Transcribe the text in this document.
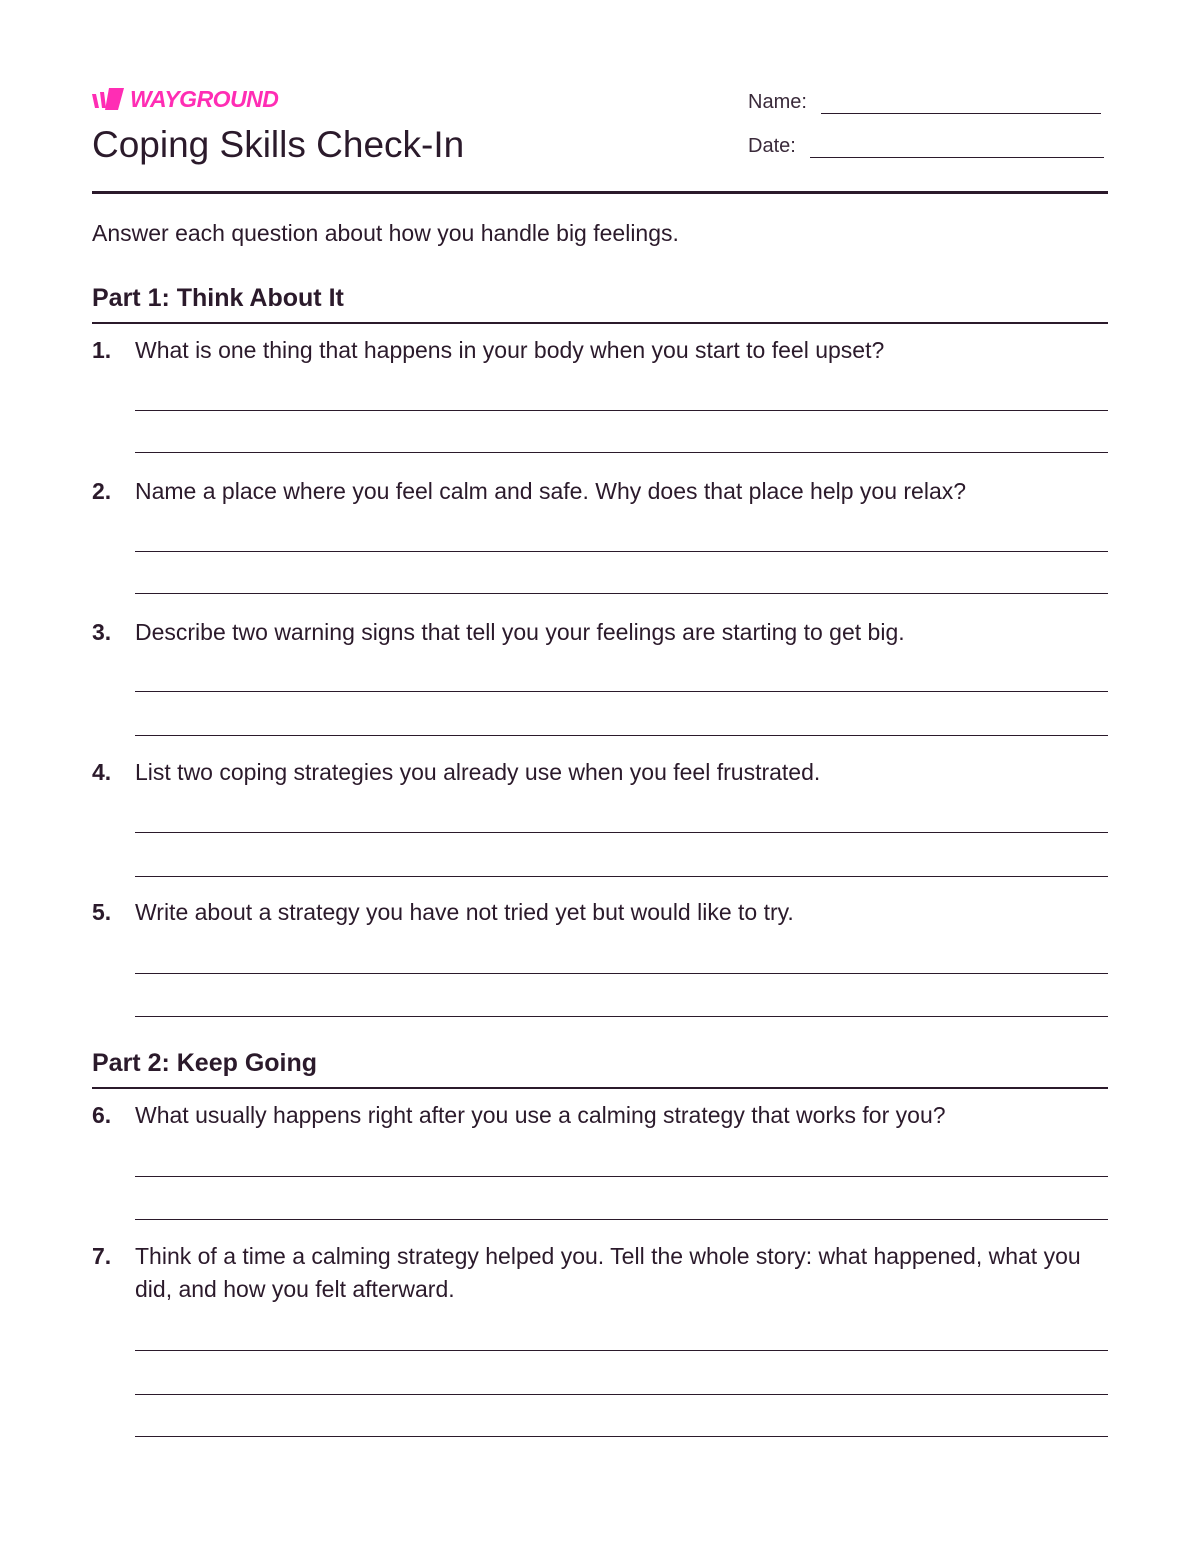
WAYGROUND
Coping Skills Check-In
Name:
Date:
Answer each question about how you handle big feelings.
Part 1: Think About It
1. What is one thing that happens in your body when you start to feel upset?
2. Name a place where you feel calm and safe. Why does that place help you relax?
3. Describe two warning signs that tell you your feelings are starting to get big.
4. List two coping strategies you already use when you feel frustrated.
5. Write about a strategy you have not tried yet but would like to try.
Part 2: Keep Going
6. What usually happens right after you use a calming strategy that works for you?
7. Think of a time a calming strategy helped you. Tell the whole story: what happened, what you did, and how you felt afterward.
